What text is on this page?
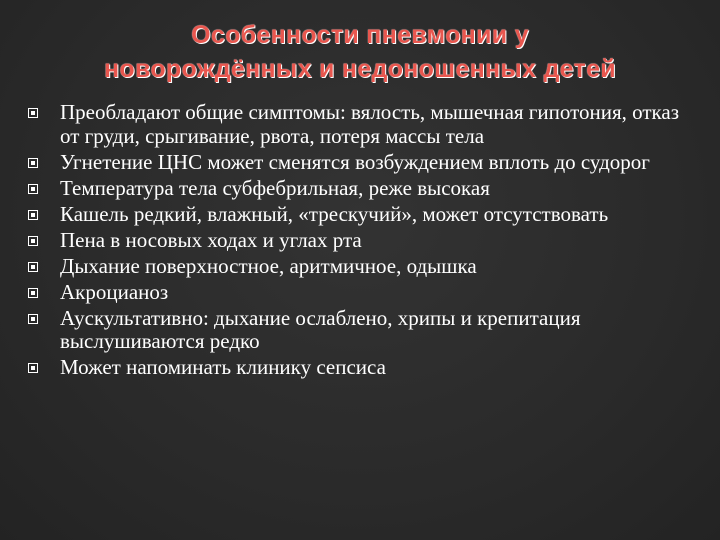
Особенности пневмонии у
новорождённых и недоношенных детей
Преобладают общие симптомы: вялость, мышечная гипотония, отказ от груди, срыгивание, рвота, потеря массы тела
Угнетение ЦНС может сменятся возбуждением вплоть до судорог
Температура тела субфебрильная, реже высокая
Кашель редкий, влажный, «трескучий», может отсутствовать
Пена в носовых ходах и углах рта
Дыхание поверхностное, аритмичное, одышка
Акроцианоз
Аускультативно: дыхание ослаблено, хрипы и крепитация выслушиваются редко
Может напоминать клинику сепсиса
